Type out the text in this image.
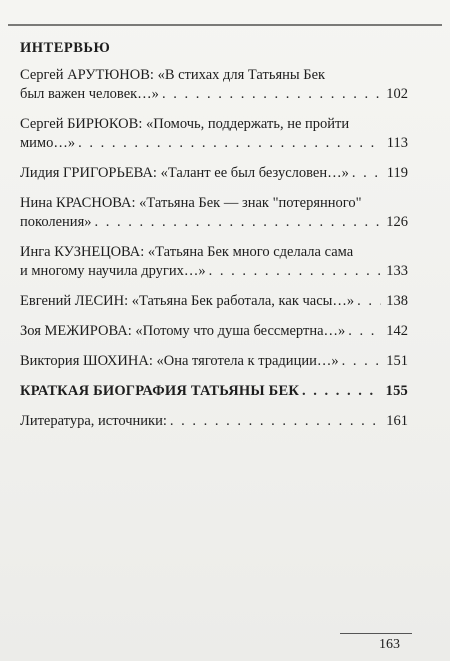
ИНТЕРВЬЮ
Сергей АРУТЮНОВ: «В стихах для Татьяны Бек
был важен человек…» . . .	102
Сергей БИРЮКОВ: «Помочь, поддержать, не пройти
мимо…» . . .	113
Лидия ГРИГОРЬЕВА: «Талант ее был безусловен…» . . .	119
Нина КРАСНОВА: «Татьяна Бек — знак "потерянного"
поколения» . . .	126
Инга КУЗНЕЦОВА: «Татьяна Бек много сделала сама
и многому научила других…» . . .	133
Евгений ЛЕСИН: «Татьяна Бек работала, как часы…» . . . 138
Зоя МЕЖИРОВА: «Потому что душа бессмертна…» . . .	142
Виктория ШОХИНА: «Она тяготела к традиции…» . . .	151
КРАТКАЯ БИОГРАФИЯ ТАТЬЯНЫ БЕК . . .	155
Литература, источники: . . .	161
163
